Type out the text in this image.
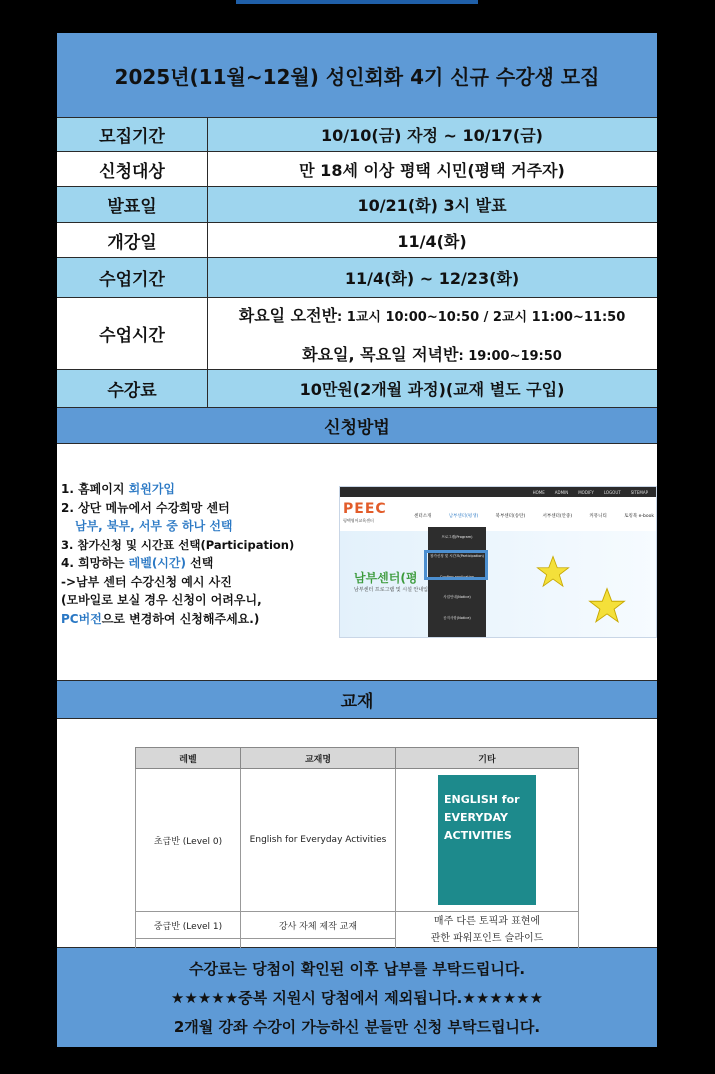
2025년(11월~12월) 성인회화 4기 신규 수강생 모집
모집기간	10/10(금) 자정 ~ 10/17(금)
신청대상	만 18세 이상 평택 시민(평택 거주자)
발표일	10/21(화) 3시 발표
개강일	11/4(화)
수업기간	11/4(화) ~ 12/23(화)
수업시간
화요일 오전반: 1교시 10:00~10:50 / 2교시 11:00~11:50
화요일, 목요일 저녁반: 19:00~19:50
수강료	10만원(2개월 과정)(교재 별도 구입)
신청방법
1. 홈페이지 회원가입
2. 상단 메뉴에서 수강희망 센터
남부, 북부, 서부 중 하나 선택
3. 참가신청 및 시간표 선택(Participation)
4. 희망하는 레벨(시간) 선택
->남부 센터 수강신청 예시 사진
(모바일로 보실 경우 신청이 어려우니,
PC버전으로 변경하여 신청해주세요.)
HOME	ADMIN	MODIFY	LOGOUT	SITEMAP
PEEC
평택영어교육센터
센터소개	남부센터(평생)	북부센터(송탄)	서부센터(안중)	커뮤니티	토킹북 e-book
남부센터(평
남부센터 프로그램 및 시설 안내입
프로그램(Program)
참가신청 및 시간표(Participation)
Confirm application
사업안내(Notice)
공지사항(Notice)
교재
레벨	교재명	기타
초급반 (Level 0)	English for Everyday Activities	ENGLISH for
EVERYDAY
ACTIVITIES

중급반 (Level 1)	강사 자체 제작 교재	매주 다른 토픽과 표현에
관한 파워포인트 슬라이드

수강료는 당첨이 확인된 이후 납부를 부탁드립니다.
★★★★★중복 지원시 당첨에서 제외됩니다.★★★★★★
2개월 강좌 수강이 가능하신 분들만 신청 부탁드립니다.
